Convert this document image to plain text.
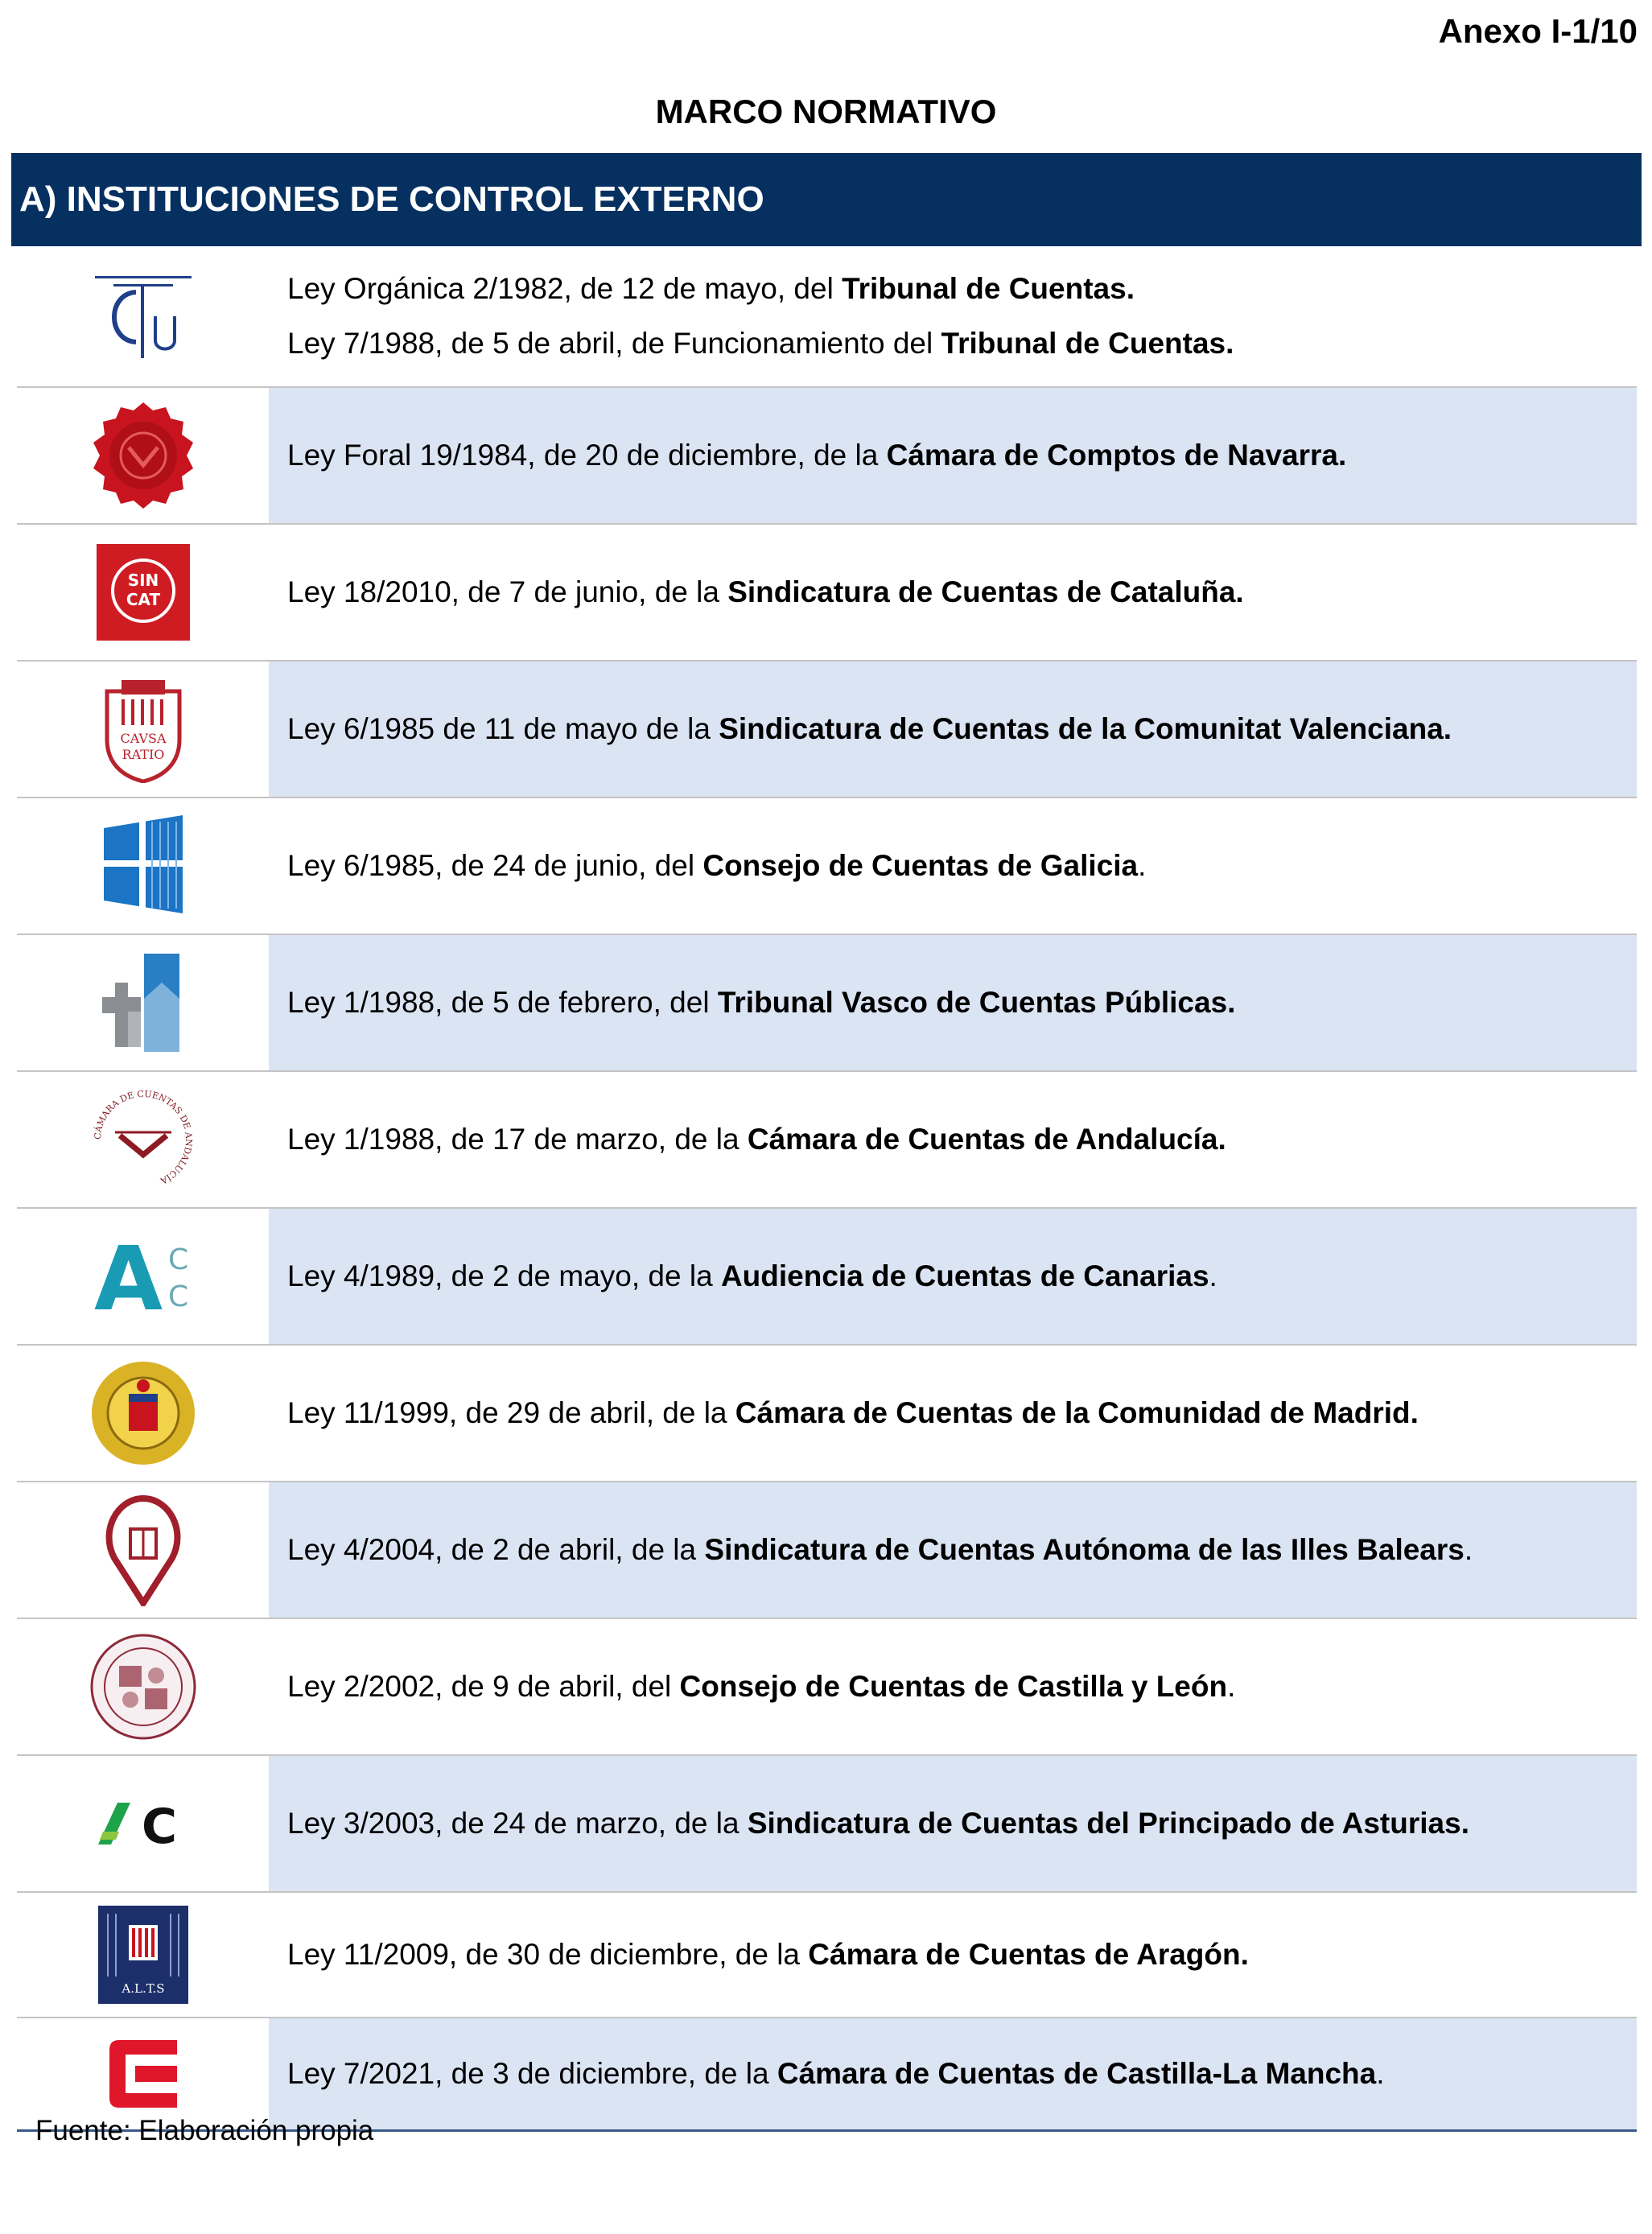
Anexo I-1/10
MARCO NORMATIVO
A) INSTITUCIONES DE CONTROL EXTERNO
Ley Orgánica 2/1982, de 12 de mayo, del Tribunal de Cuentas.
Ley 7/1988, de 5 de abril, de Funcionamiento del Tribunal de Cuentas.
Ley Foral 19/1984, de 20 de diciembre, de la Cámara de Comptos de Navarra.
SIN
CAT	Ley 18/2010, de 7 de junio, de la Sindicatura de Cuentas de Cataluña.
CAVSA
RATIO
Ley 6/1985 de 11 de mayo de la Sindicatura de Cuentas de la Comunitat Valenciana.
Ley 6/1985, de 24 de junio, del Consejo de Cuentas de Galicia.
Ley 1/1988, de 5 de febrero, del Tribunal Vasco de Cuentas Públicas.
CÁMARA DE CUENTAS DE ANDALUCÍA
Ley 1/1988, de 17 de marzo, de la Cámara de Cuentas de Andalucía.
A C
C
Ley 4/1989, de 2 de mayo, de la Audiencia de Cuentas de Canarias.
Ley 11/1999, de 29 de abril, de la Cámara de Cuentas de la Comunidad de Madrid.
Ley 4/2004, de 2 de abril, de la Sindicatura de Cuentas Autónoma de las Illes Balears.
Ley 2/2002, de 9 de abril, del Consejo de Cuentas de Castilla y León.
C	Ley 3/2003, de 24 de marzo, de la Sindicatura de Cuentas del Principado de Asturias.
A.L.T.S
Ley 11/2009, de 30 de diciembre, de la Cámara de Cuentas de Aragón.
Ley 7/2021, de 3 de diciembre, de la Cámara de Cuentas de Castilla-La Mancha.
Fuente: Elaboración propia
